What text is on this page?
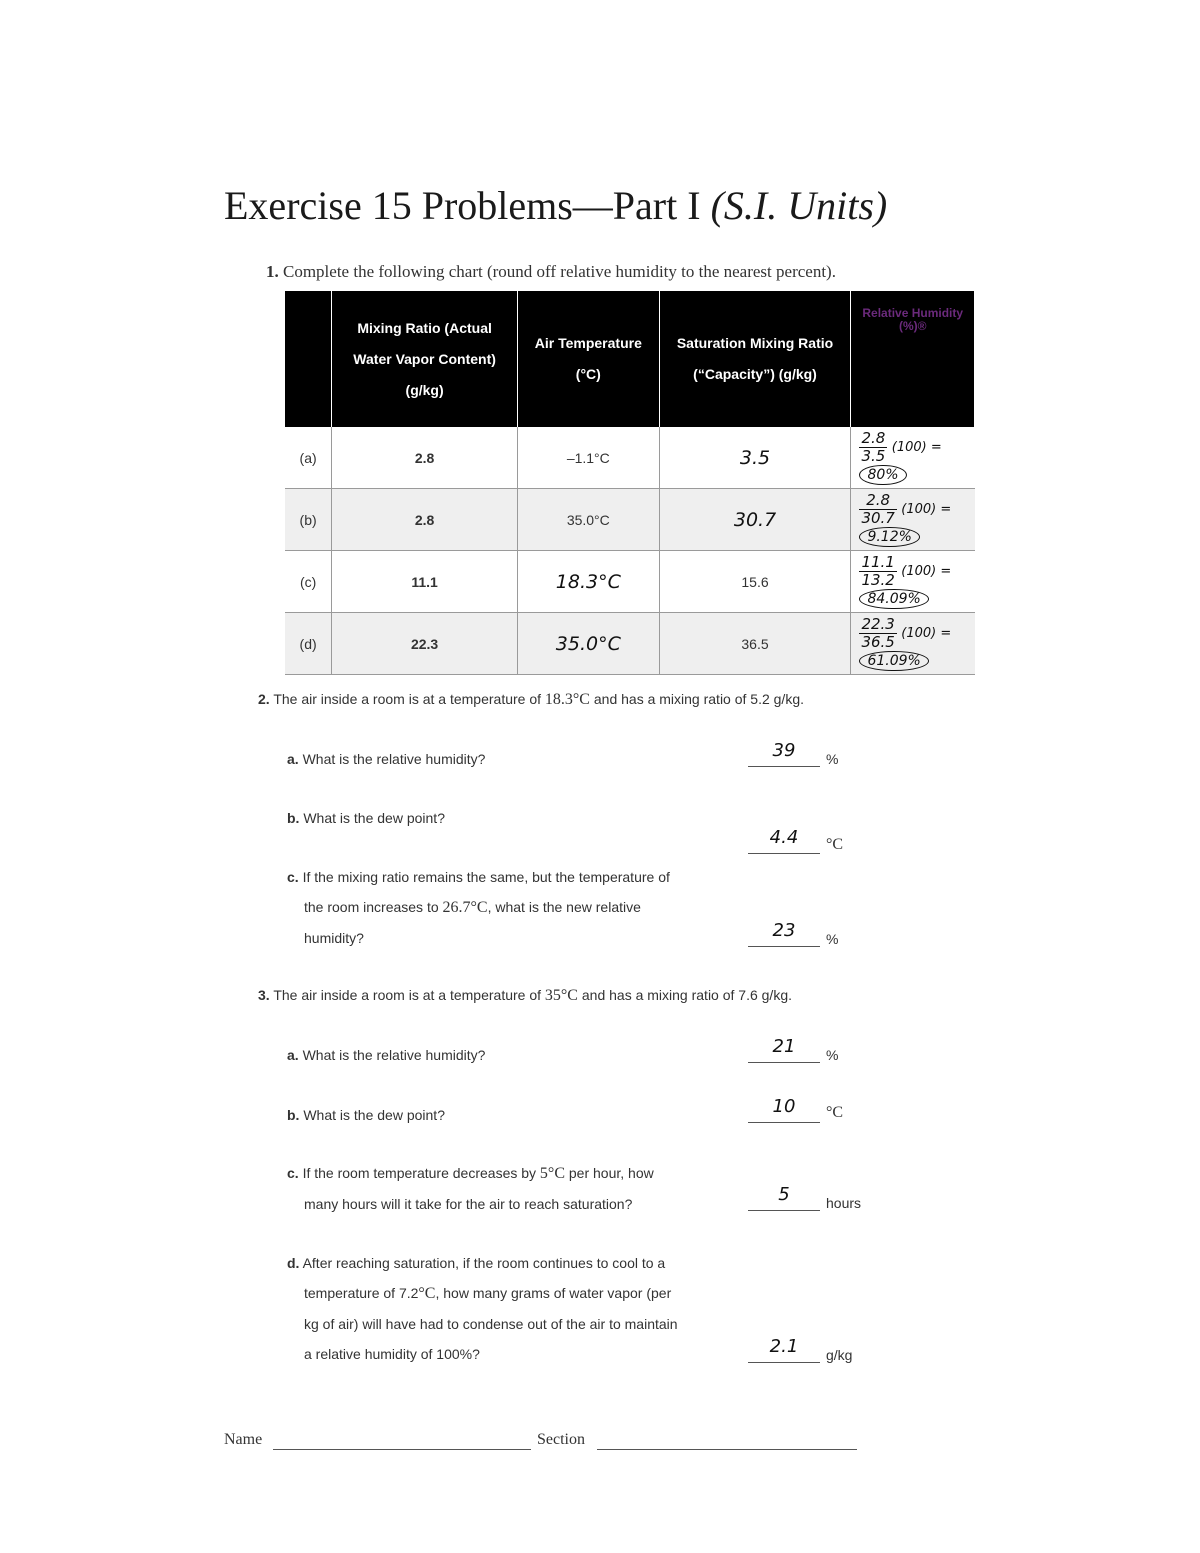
Exercise 15 Problems—Part I (S.I. Units)
1. Complete the following chart (round off relative humidity to the nearest percent).
	Mixing Ratio (Actual Water Vapor Content) (g/kg)	Air Temperature (°C)	Saturation Mixing Ratio (“Capacity”) (g/kg)	Relative Humidity (%)®
(a)	2.8	–1.1°C	3.5	$\frac{2.8}{3.5} (100) = 80\%$
(b)	2.8	35.0°C	30.7	$\frac{2.8}{30.7} (100) = 9.12\%$
(c)	11.1	18.3°C	15.6	$\frac{11.1}{13.2} (100) = 84.09\%$
(d)	22.3	35.0°C	36.5	$\frac{22.3}{36.5} (100) = 61.09\%$
2. The air inside a room is at a temperature of 18.3°C and has a mixing ratio of 5.2 g/kg.
a. What is the relative humidity?	39	%
b. What is the dew point?
4.4	°C
c. If the mixing ratio remains the same, but the temperature of
the room increases to 26.7°C, what is the new relative
humidity?	23	%
3. The air inside a room is at a temperature of 35°C and has a mixing ratio of 7.6 g/kg.
a. What is the relative humidity?	21	%
b. What is the dew point?	10	°C
c. If the room temperature decreases by 5°C per hour, how
many hours will it take for the air to reach saturation?	5	hours
d. After reaching saturation, if the room continues to cool to a
temperature of 7.2°C, how many grams of water vapor (per
kg of air) will have had to condense out of the air to maintain
a relative humidity of 100%?	2.1	g/kg
Name	Section
